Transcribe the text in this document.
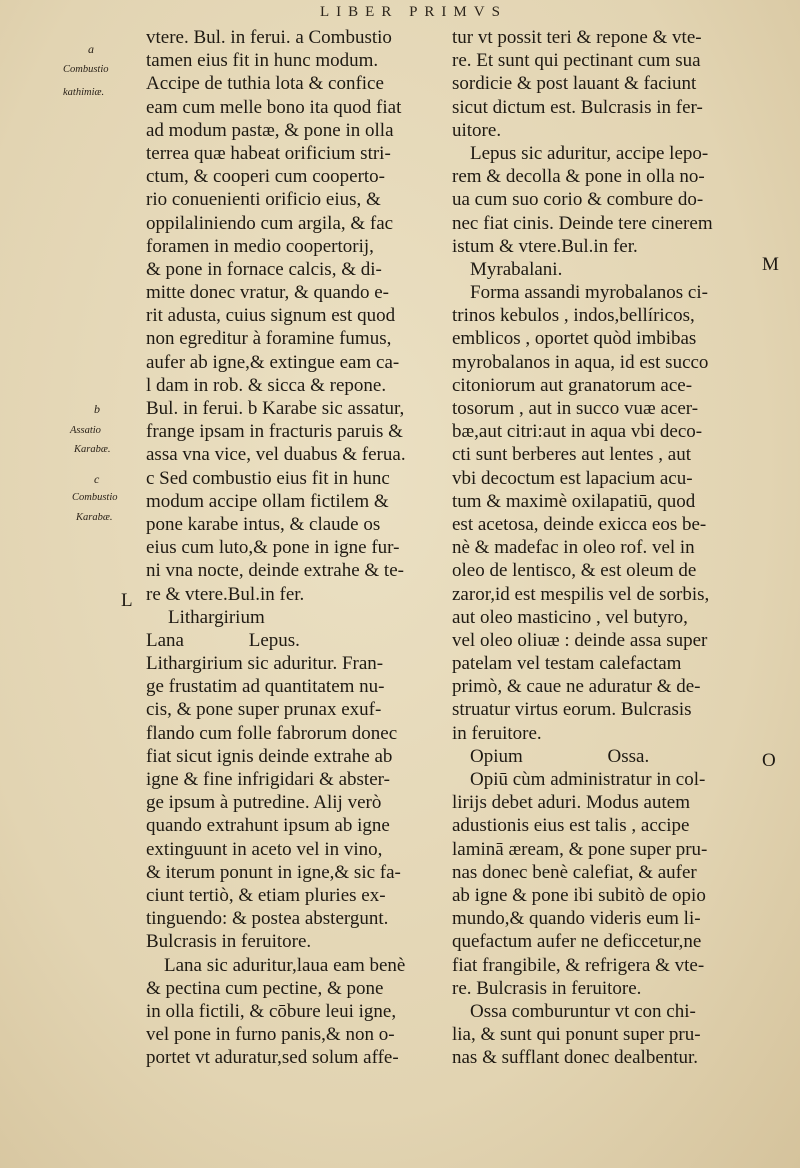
LIBER PRIMVS
a
Combustio
kathimiæ.
b
Assatio
Karabæ.
c
Combustio
Karabæ.
L
M
O
vtere. Bul. in ferui. a Combustio
tamen eius fit in hunc modum.
Accipe de tuthia lota & confice
eam cum melle bono ita quod fiat
ad modum pastæ, & pone in olla
terrea quæ habeat orificium stri-
ctum, & cooperi cum cooperto-
rio conuenienti orificio eius, &
oppilaliniendo cum argila, & fac
foramen in medio coopertorij,
& pone in fornace calcis, & di-
mitte donec vratur, & quando e-
rit adusta, cuius signum est quod
non egreditur à foramine fumus,
aufer ab igne,& extingue eam ca-
l dam in rob. & sicca & repone.
Bul. in ferui. b Karabe sic assatur,
frange ipsam in fracturis paruis &
assa vna vice, vel duabus & ferua.
c Sed combustio eius fit in hunc
modum accipe ollam fictilem &
pone karabe intus, & claude os
eius cum luto,& pone in igne fur-
ni vna nocte, deinde extrahe & te-
re & vtere.Bul.in fer.
Lithargirium
Lana Lepus.
Lithargirium sic aduritur. Fran-
ge frustatim ad quantitatem nu-
cis, & pone super prunax exuf-
flando cum folle fabrorum donec
fiat sicut ignis deinde extrahe ab
igne & fine infrigidari & abster-
ge ipsum à putredine. Alij verò
quando extrahunt ipsum ab igne
extinguunt in aceto vel in vino,
& iterum ponunt in igne,& sic fa-
ciunt tertiò, & etiam pluries ex-
tinguendo: & postea abstergunt.
Bulcrasis in feruitore.
Lana sic aduritur,laua eam benè
& pectina cum pectine, & pone
in olla fictili, & cōbure leui igne,
vel pone in furno panis,& non o-
portet vt aduratur,sed solum affe-
tur vt possit teri & repone & vte-
re. Et sunt qui pectinant cum sua
sordicie & post lauant & faciunt
sicut dictum est. Bulcrasis in fer-
uitore.
Lepus sic aduritur, accipe lepo-
rem & decolla & pone in olla no-
ua cum suo corio & combure do-
nec fiat cinis. Deinde tere cinerem
istum & vtere.Bul.in fer.
Myrabalani.
Forma assandi myrobalanos ci-
trinos kebulos , indos,bellíricos,
emblicos , oportet quòd imbibas
myrobalanos in aqua, id est succo
citoniorum aut granatorum ace-
tosorum , aut in succo vuæ acer-
bæ,aut citri:aut in aqua vbi deco-
cti sunt berberes aut lentes , aut
vbi decoctum est lapacium acu-
tum & maximè oxilapatiū, quod
est acetosa, deinde exicca eos be-
nè & madefac in oleo rof. vel in
oleo de lentisco, & est oleum de
zaror,id est mespilis vel de sorbis,
aut oleo masticino , vel butyro,
vel oleo oliuæ : deinde assa super
patelam vel testam calefactam
primò, & caue ne aduratur & de-
struatur virtus eorum. Bulcrasis
in feruitore.
Opium Ossa.
Opiū cùm administratur in col-
lirijs debet aduri. Modus autem
adustionis eius est talis , accipe
laminā æream, & pone super pru-
nas donec benè calefiat, & aufer
ab igne & pone ibi subitò de opio
mundo,& quando videris eum li-
quefactum aufer ne deficcetur,ne
fiat frangibile, & refrigera & vte-
re. Bulcrasis in feruitore.
Ossa comburuntur vt con chi-
lia, & sunt qui ponunt super pru-
nas & sufflant donec dealbentur.
